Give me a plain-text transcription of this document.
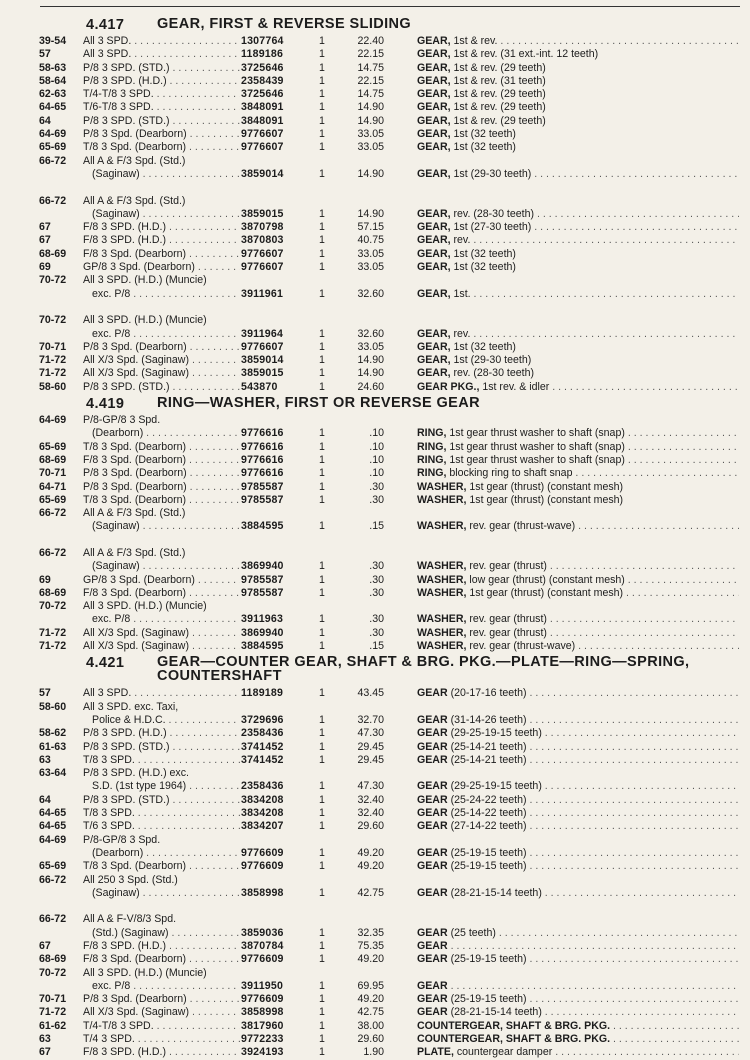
4.417 GEAR, FIRST & REVERSE SLIDING
39-54 All 3 SPD. . . .	1307764	1	22.40	GEAR, 1st & rev. . . .
57	All 3 SPD. . . .	1189186	1	22.15	GEAR, 1st & rev. (31 ext.-int. 12 teeth)
58-63 P/8 3 SPD. (STD.) . . .	3725646	1	14.75	GEAR, 1st & rev. (29 teeth)
58-64 P/8 3 SPD. (H.D.) . . .	2358439	1	22.15	GEAR, 1st & rev. (31 teeth)
62-63 T/4-T/8 3 SPD. . . .	3725646	1	14.75	GEAR, 1st & rev. (29 teeth)
64-65 T/6-T/8 3 SPD. . . .	3848091	1	14.90	GEAR, 1st & rev. (29 teeth)
64	P/8 3 SPD. (STD.) . . .	3848091	1	14.90	GEAR, 1st & rev. (29 teeth)
64-69 P/8 3 Spd. (Dearborn) . . .	9776607	1	33.05	GEAR, 1st (32 teeth)
65-69 T/8 3 Spd. (Dearborn) . . .	9776607	1	33.05	GEAR, 1st (32 teeth)
66-72 All A & F/3 Spd. (Std.)
(Saginaw) . . .	3859014	1	14.90	GEAR, 1st (29-30 teeth) . . .
66-72 All A & F/3 Spd. (Std.)
(Saginaw) . . .	3859015	1	14.90	GEAR, rev. (28-30 teeth) . . .
67	F/8 3 SPD. (H.D.) . . .	3870798	1	57.15	GEAR, 1st (27-30 teeth) . . .
67	F/8 3 SPD. (H.D.) . . .	3870803	1	40.75	GEAR, rev. . . .
68-69 F/8 3 Spd. (Dearborn) . . .	9776607	1	33.05	GEAR, 1st (32 teeth)
69	GP/8 3 Spd. (Dearborn) . . .	9776607	1	33.05	GEAR, 1st (32 teeth)
70-72 All 3 SPD. (H.D.) (Muncie)
exc. P/8 . . .	3911961	1	32.60	GEAR, 1st. . . .
70-72 All 3 SPD. (H.D.) (Muncie)
exc. P/8 . . .	3911964	1	32.60	GEAR, rev. . . .
70-71 P/8 3 Spd. (Dearborn) . . .	9776607	1	33.05	GEAR, 1st (32 teeth)
71-72 All X/3 Spd. (Saginaw) . . .	3859014	1	14.90	GEAR, 1st (29-30 teeth)
71-72 All X/3 Spd. (Saginaw) . . .	3859015	1	14.90	GEAR, rev. (28-30 teeth)
58-60 P/8 3 SPD. (STD.) . . .	543870	1	24.60	GEAR PKG., 1st rev. & idler . . .
4.419 RING—WASHER, FIRST OR REVERSE GEAR
64-69 P/8-GP/8 3 Spd.
(Dearborn) . . .	9776616	1	.10	RING, 1st gear thrust washer to shaft (snap) . . .
65-69 T/8 3 Spd. (Dearborn) . . .	9776616	1	.10	RING, 1st gear thrust washer to shaft (snap) . . .
68-69 F/8 3 Spd. (Dearborn) . . .	9776616	1	.10	RING, 1st gear thrust washer to shaft (snap) . . .
70-71 P/8 3 Spd. (Dearborn) . . .	9776616	1	.10	RING, blocking ring to shaft snap . . .
64-71 P/8 3 Spd. (Dearborn) . . .	9785587	1	.30	WASHER, 1st gear (thrust) (constant mesh)
65-69 T/8 3 Spd. (Dearborn) . . .	9785587	1	.30	WASHER, 1st gear (thrust) (constant mesh)
66-72 All A & F/3 Spd. (Std.)
(Saginaw) . . .	3884595	1	.15	WASHER, rev. gear (thrust-wave) . . .
66-72 All A & F/3 Spd. (Std.)
(Saginaw) . . .	3869940	1	.30	WASHER, rev. gear (thrust) . . .
69	GP/8 3 Spd. (Dearborn) . . .	9785587	1	.30	WASHER, low gear (thrust) (constant mesh) . . .
68-69 F/8 3 Spd. (Dearborn) . . .	9785587	1	.30	WASHER, 1st gear (thrust) (constant mesh) . . .
70-72 All 3 SPD. (H.D.) (Muncie)
exc. P/8 . . .	3911963	1	.30	WASHER, rev. gear (thrust) . . .
71-72 All X/3 Spd. (Saginaw) . . .	3869940	1	.30	WASHER, rev. gear (thrust) . . .
71-72 All X/3 Spd. (Saginaw) . . .	3884595	1	.15	WASHER, rev. gear (thrust-wave) . . .
4.421 GEAR—COUNTER GEAR, SHAFT & BRG. PKG.—PLATE—RING—SPRING, COUNTERSHAFT
57	All 3 SPD. . . .	1189189	1	43.45	GEAR (20-17-16 teeth) . . .
58-60 All 3 SPD. exc. Taxi,
Police & H.D.C. . . .	3729696	1	32.70	GEAR (31-14-26 teeth) . . .
58-62 P/8 3 SPD. (H.D.) . . .	2358436	1	47.30	GEAR (29-25-19-15 teeth) . . .
61-63 P/8 3 SPD. (STD.) . . .	3741452	1	29.45	GEAR (25-14-21 teeth) . . .
63	T/8 3 SPD. . . .	3741452	1	29.45	GEAR (25-14-21 teeth) . . .
63-64 P/8 3 SPD. (H.D.) exc.
S.D. (1st type 1964) . . .	2358436	1	47.30	GEAR (29-25-19-15 teeth) . . .
64	P/8 3 SPD. (STD.) . . .	3834208	1	32.40	GEAR (25-24-22 teeth) . . .
64-65 T/8 3 SPD. . . .	3834208	1	32.40	GEAR (25-14-22 teeth) . . .
64-65 T/6 3 SPD. . . .	3834207	1	29.60	GEAR (27-14-22 teeth) . . .
64-69 P/8-GP/8 3 Spd.
(Dearborn) . . .	9776609	1	49.20	GEAR (25-19-15 teeth) . . .
65-69 T/8 3 Spd. (Dearborn) . . .	9776609	1	49.20	GEAR (25-19-15 teeth) . . .
66-72 All 250 3 Spd. (Std.)
(Saginaw) . . .	3858998	1	42.75	GEAR (28-21-15-14 teeth) . . .
66-72 All A & F-V/8/3 Spd.
(Std.) (Saginaw) . . .	3859036	1	32.35	GEAR (25 teeth) . . .
67	F/8 3 SPD. (H.D.) . . .	3870784	1	75.35	GEAR . . .
68-69 F/8 3 Spd. (Dearborn) . . .	9776609	1	49.20	GEAR (25-19-15 teeth) . . .
70-72 All 3 SPD. (H.D.) (Muncie)
exc. P/8 . . .	3911950	1	69.95	GEAR . . .
70-71 P/8 3 Spd. (Dearborn) . . .	9776609	1	49.20	GEAR (25-19-15 teeth) . . .
71-72 All X/3 Spd. (Saginaw) . . .	3858998	1	42.75	GEAR (28-21-15-14 teeth) . . .
61-62 T/4-T/8 3 SPD. . . .	3817960	1	38.00	COUNTERGEAR, SHAFT & BRG. PKG. . . .
63	T/4 3 SPD. . . .	9772233	1	29.60	COUNTERGEAR, SHAFT & BRG. PKG. . . .
67	F/8 3 SPD. (H.D.) . . .	3924193	1	1.90	PLATE, countergear damper . . .
